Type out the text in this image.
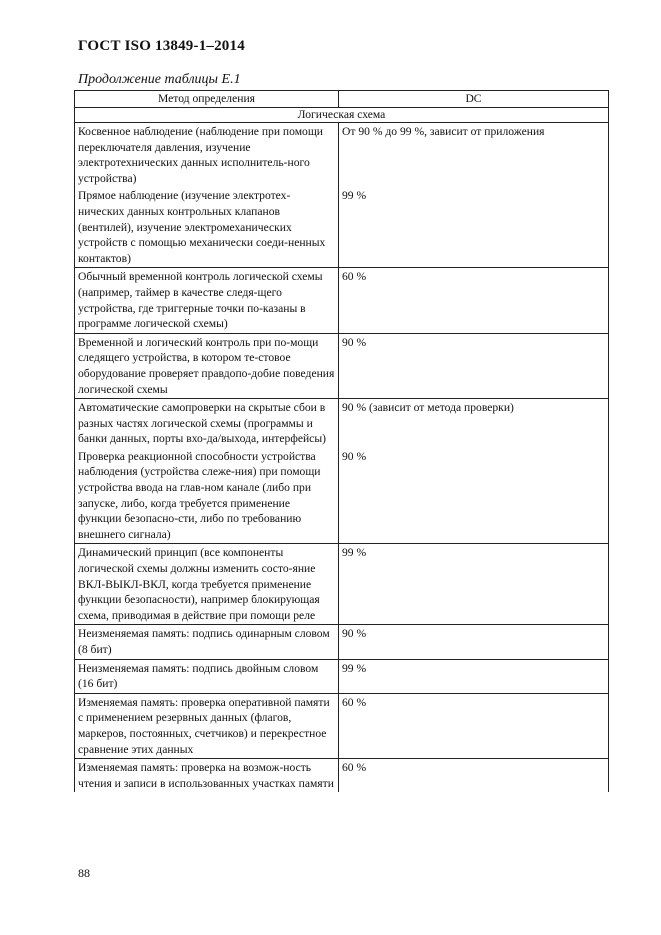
ГОСТ ISO 13849-1–2014
Продолжение таблицы Е.1
Метод определения	DC
Логическая схема	
Косвенное наблюдение (наблюдение при помощи переключателя давления, изучение электротехнических данных исполнитель-ного устройства)	От 90 % до 99 %, зависит от приложения
Прямое наблюдение (изучение электротех-нических данных контрольных клапанов (вентилей), изучение электромеханических устройств с помощью механически соеди-ненных контактов)	99 %
Обычный временной контроль логической схемы (например, таймер в качестве следя-щего устройства, где триггерные точки по-казаны в программе логической схемы)	60 %
Временной и логический контроль при по-мощи следящего устройства, в котором те-стовое оборудование проверяет правдопо-добие поведения логической схемы	90 %
Автоматические самопроверки на скрытые сбои в разных частях логической схемы (программы и банки данных, порты вхо-да/выхода, интерфейсы)	90 % (зависит от метода проверки)
Проверка реакционной способности устройства наблюдения (устройства слеже-ния) при помощи устройства ввода на глав-ном канале (либо при запуске, либо, когда требуется применение функции безопасно-сти, либо по требованию внешнего сигнала)	90 %
Динамический принцип (все компоненты логической схемы должны изменить состо-яние ВКЛ-ВЫКЛ-ВКЛ, когда требуется применение функции безопасности), например блокирующая схема, приводимая в действие при помощи реле	99 %
Неизменяемая память: подпись одинарным словом (8 бит)	90 %
Неизменяемая память: подпись двойным словом (16 бит)	99 %
Изменяемая память: проверка оперативной памяти с применением резервных данных (флагов, маркеров, постоянных, счетчиков) и перекрестное сравнение этих данных	60 %
Изменяемая память: проверка на возмож-ность чтения и записи в использованных участках памяти	60 %
88
